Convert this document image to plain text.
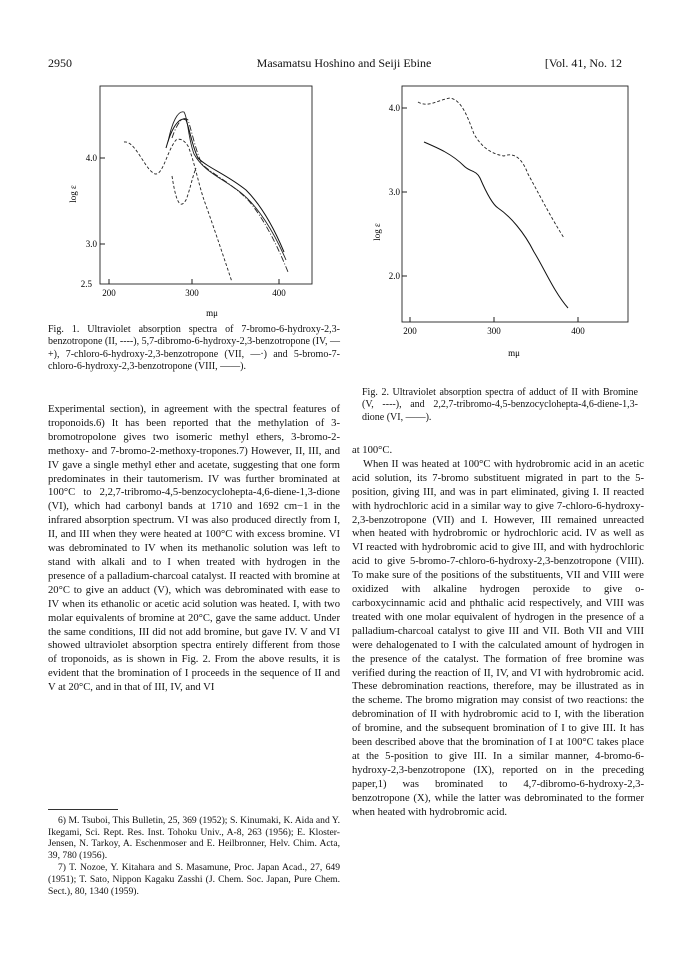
2950	Masamatsu Hoshino and Seiji Ebine	[Vol. 41, No. 12
4.0
3.0
2.5
200	300	400
log ε
mμ
Fig. 1. Ultraviolet absorption spectra of 7-bromo-6-hydroxy-2,3-benzotropone (II, ----), 5,7-dibromo-6-hydroxy-2,3-benzotropone (IV, —+), 7-chloro-6-hydroxy-2,3-benzotropone (VII, —·) and 5-bromo-7-chloro-6-hydroxy-2,3-benzotropone (VIII, ——).
4.0
3.0
2.0
200	300	400
log ε
mμ
Fig. 2. Ultraviolet absorption spectra of adduct of II with Bromine (V, ----), and 2,2,7-tribromo-4,5-benzocyclohepta-4,6-diene-1,3-dione (VI, ——).

Experimental section), in agreement with the spectral features of troponoids.6) It has been reported that the methylation of 3-bromotropolone gives two isomeric methyl ethers, 3-bromo-2-methoxy- and 7-bromo-2-methoxy-tropones.7) However, II, III, and IV gave a single methyl ether and acetate, suggesting that one form predominates in their tautomerism. IV was further brominated at 100°C to 2,2,7-tribromo-4,5-benzocyclohepta-4,6-diene-1,3-dione (VI), which had carbonyl bands at 1710 and 1692 cm−1 in the infrared absorption spectrum. VI was also produced directly from I, II, and III when they were heated at 100°C with excess bromine. VI was debrominated to IV when its methanolic solution was left to stand with alkali and to I when treated with hydrogen in the presence of a palladium-charcoal catalyst. II reacted with bromine at 20°C to give an adduct (V), which was debrominated with ease to IV when its ethanolic or acetic acid solution was heated. I, with two molar equivalents of bromine at 20°C, gave the same adduct. Under the same conditions, III did not add bromine, but gave IV. V and VI showed ultraviolet absorption spectra entirely different from those of troponoids, as is shown in Fig. 2. From the above results, it is evident that the bromination of I proceeds in the sequence of II and V at 20°C, and in that of III, IV, and VI

6) M. Tsuboi, This Bulletin, 25, 369 (1952); S. Kinumaki, K. Aida and Y. Ikegami, Sci. Rept. Res. Inst. Tohoku Univ., A-8, 263 (1956); E. Kloster-Jensen, N. Tarkoy, A. Eschenmoser and E. Heilbronner, Helv. Chim. Acta, 39, 780 (1956).

7) T. Nozoe, Y. Kitahara and S. Masamune, Proc. Japan Acad., 27, 649 (1951); T. Sato, Nippon Kagaku Zasshi (J. Chem. Soc. Japan, Pure Chem. Sect.), 80, 1340 (1959).

at 100°C.

When II was heated at 100°C with hydrobromic acid in an acetic acid solution, its 7-bromo substituent migrated in part to the 5-position, giving III, and was in part eliminated, giving I. II reacted with hydrochloric acid in a similar way to give 7-chloro-6-hydroxy-2,3-benzotropone (VII) and I. However, III remained unreacted when heated with hydrobromic or hydrochloric acid. IV as well as VI reacted with hydrobromic acid to give III, and with hydrochloric acid to give 5-bromo-7-chloro-6-hydroxy-2,3-benzotropone (VIII). To make sure of the positions of the substituents, VII and VIII were oxidized with alkaline hydrogen peroxide to give o-carboxycinnamic acid and phthalic acid respectively, and VIII was treated with one molar equivalent of hydrogen in the presence of a palladium-charcoal catalyst to give III and VII. Both VII and VIII were dehalogenated to I with the calculated amount of hydrogen in the presence of the catalyst. The formation of free bromine was verified during the reaction of II, IV, and VI with hydrobromic acid. These debromination reactions, therefore, may be illustrated as in the scheme. The bromo migration may consist of two reactions: the debromination of II with hydrobromic acid to I, with the liberation of bromine, and the subsequent bromination of I to give III. It has been described above that the bromination of I at 100°C takes place at the 5-position to give III. In a similar manner, 4-bromo-6-hydroxy-2,3-benzotropone (IX), reported on in the preceding paper,1) was brominated to 4,7-dibromo-6-hydroxy-2,3-benzotropone (X), while the latter was debrominated to the former when heated with hydrobromic acid.
